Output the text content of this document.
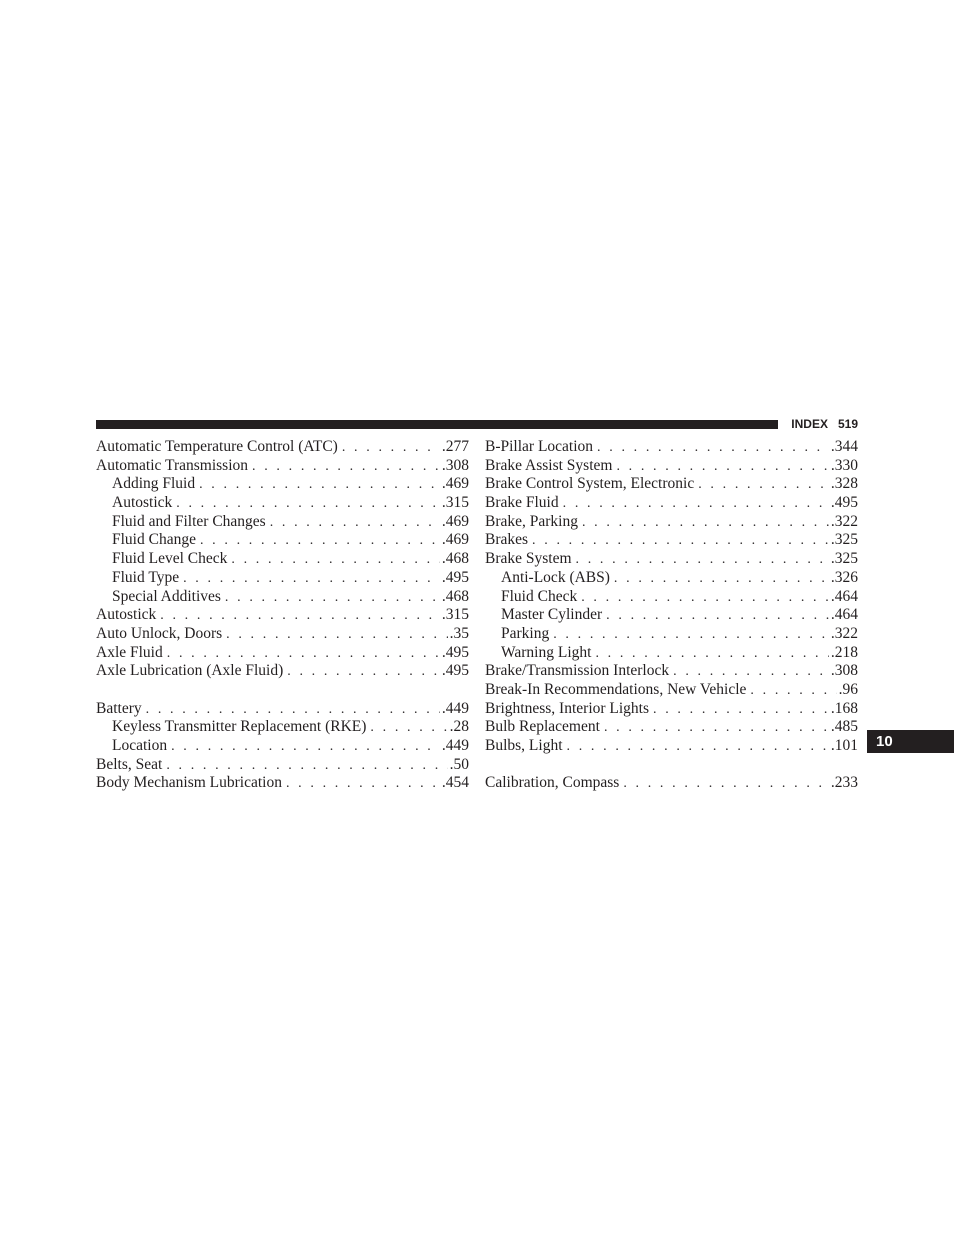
INDEX 519
10
Automatic Temperature Control (ATC) . . .	.277
Automatic Transmission . . .	.308
Adding Fluid . . .	.469
Autostick . . .	.315
Fluid and Filter Changes . . .	.469
Fluid Change . . .	.469
Fluid Level Check . . .	.468
Fluid Type . . .	.495
Special Additives . . .	.468
Autostick . . .	.315
Auto Unlock, Doors . . .	.35
Axle Fluid . . .	.495
Axle Lubrication (Axle Fluid) . . .	.495
Battery . . .	.449
Keyless Transmitter Replacement (RKE) . . .	.28
Location . . .	.449
Belts, Seat . . .	.50
Body Mechanism Lubrication . . .	.454
B-Pillar Location . . .	.344
Brake Assist System . . .	.330
Brake Control System, Electronic . . .	.328
Brake Fluid . . .	.495
Brake, Parking . . .	.322
Brakes . . .	.325
Brake System . . .	.325
Anti-Lock (ABS) . . .	.326
Fluid Check . . .	.464
Master Cylinder . . .	.464
Parking . . .	.322
Warning Light . . .	.218
Brake/Transmission Interlock . . .	.308
Break-In Recommendations, New Vehicle . . .	.96
Brightness, Interior Lights . . .	.168
Bulb Replacement . . .	.485
Bulbs, Light . . .	.101
Calibration, Compass . . .	.233
